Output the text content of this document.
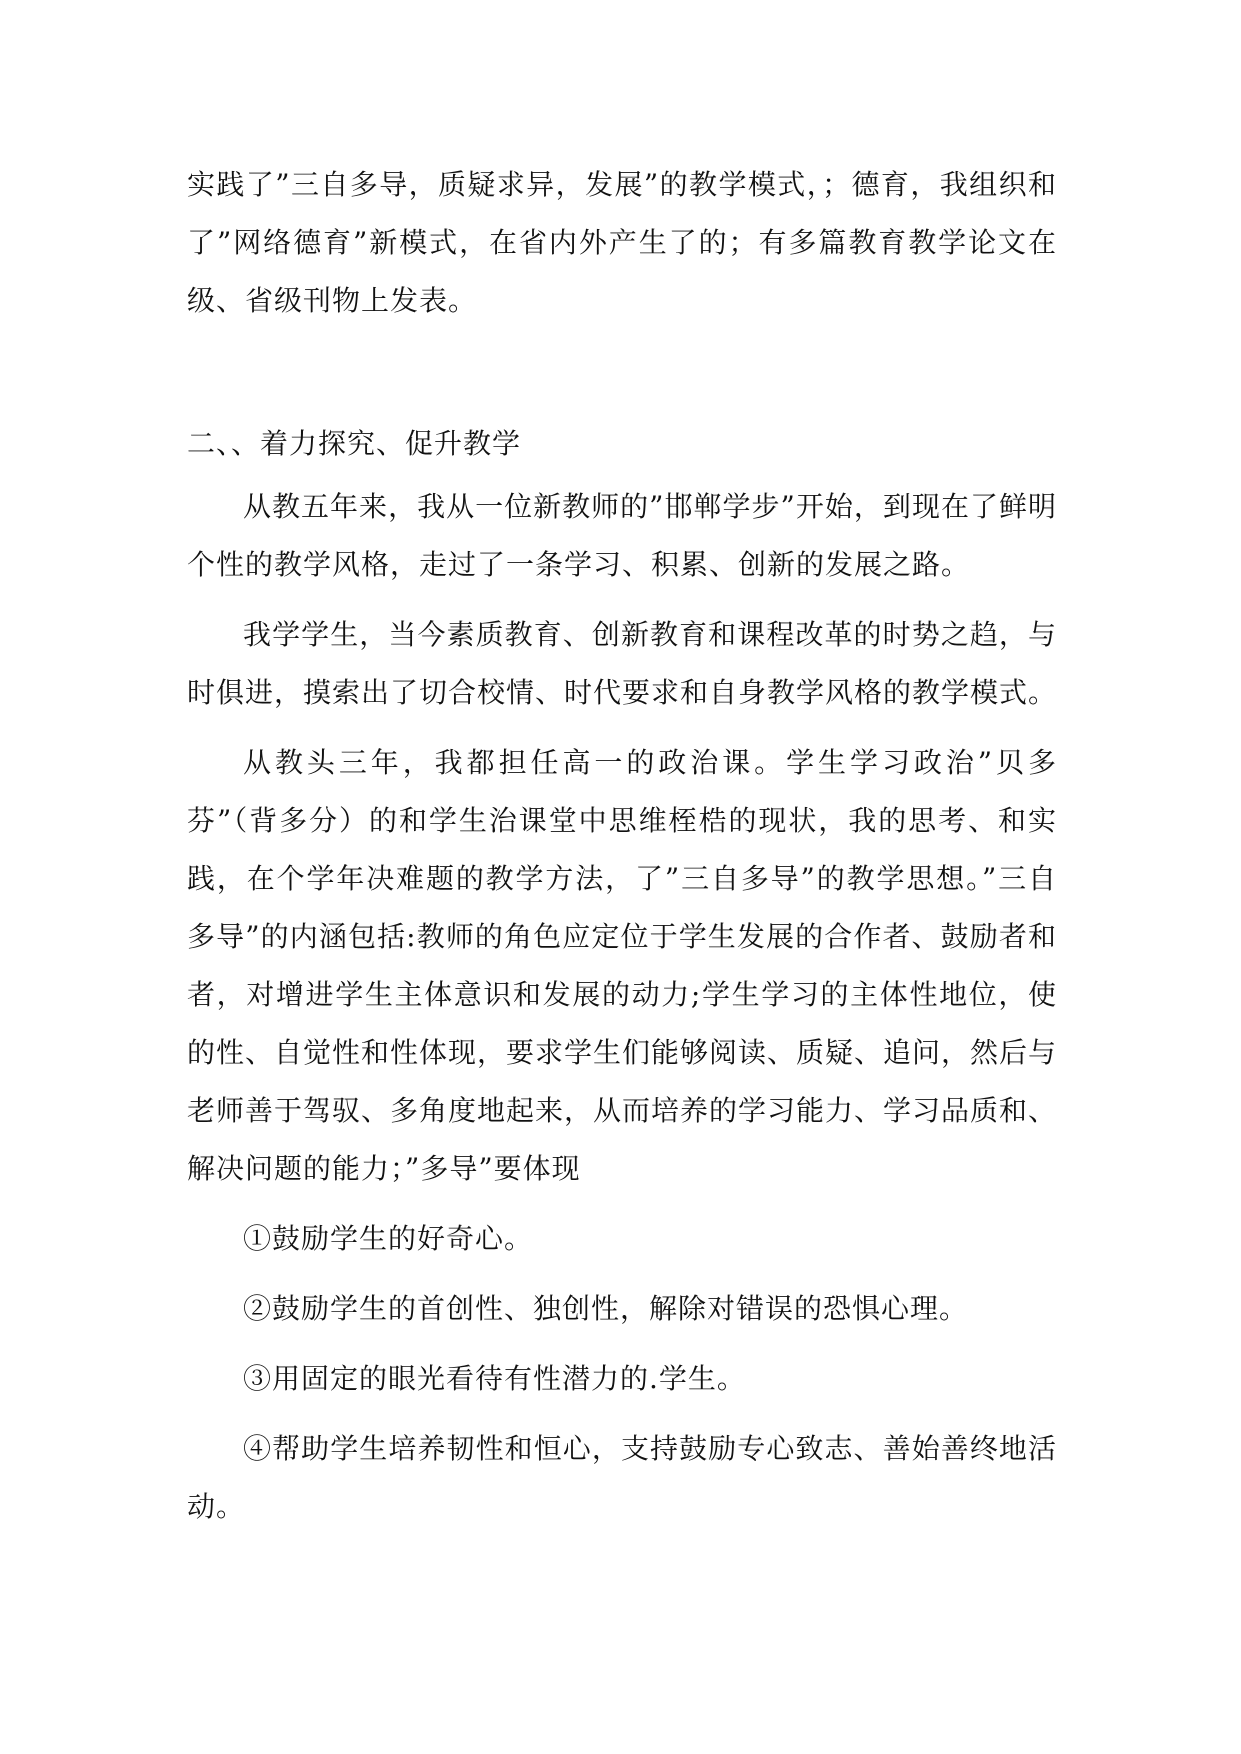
实践了”三自多导，质疑求异，发展”的教学模式，；德育，我组织和了”网络德育”新模式，在省内外产生了的；有多篇教育教学论文在级、省级刊物上发表。

二、、着力探究、促升教学

从教五年来，我从一位新教师的”邯郸学步”开始，到现在了鲜明个性的教学风格，走过了一条学习、积累、创新的发展之路。

我学学生，当今素质教育、创新教育和课程改革的时势之趋，与时俱进，摸索出了切合校情、时代要求和自身教学风格的教学模式。

从教头三年，我都担任高一的政治课。学生学习政治”贝多芬”（背多分）的和学生治课堂中思维桎梏的现状，我的思考、和实践，在个学年决难题的教学方法，了”三自多导”的教学思想。”三自多导”的内涵包括:教师的角色应定位于学生发展的合作者、鼓励者和者，对增进学生主体意识和发展的动力;学生学习的主体性地位，使的性、自觉性和性体现，要求学生们能够阅读、质疑、追问，然后与老师善于驾驭、多角度地起来，从而培养的学习能力、学习品质和、解决问题的能力；”多导”要体现

①鼓励学生的好奇心。

②鼓励学生的首创性、独创性，解除对错误的恐惧心理。

③用固定的眼光看待有性潜力的.学生。

④帮助学生培养韧性和恒心，支持鼓励专心致志、善始善终地活动。
